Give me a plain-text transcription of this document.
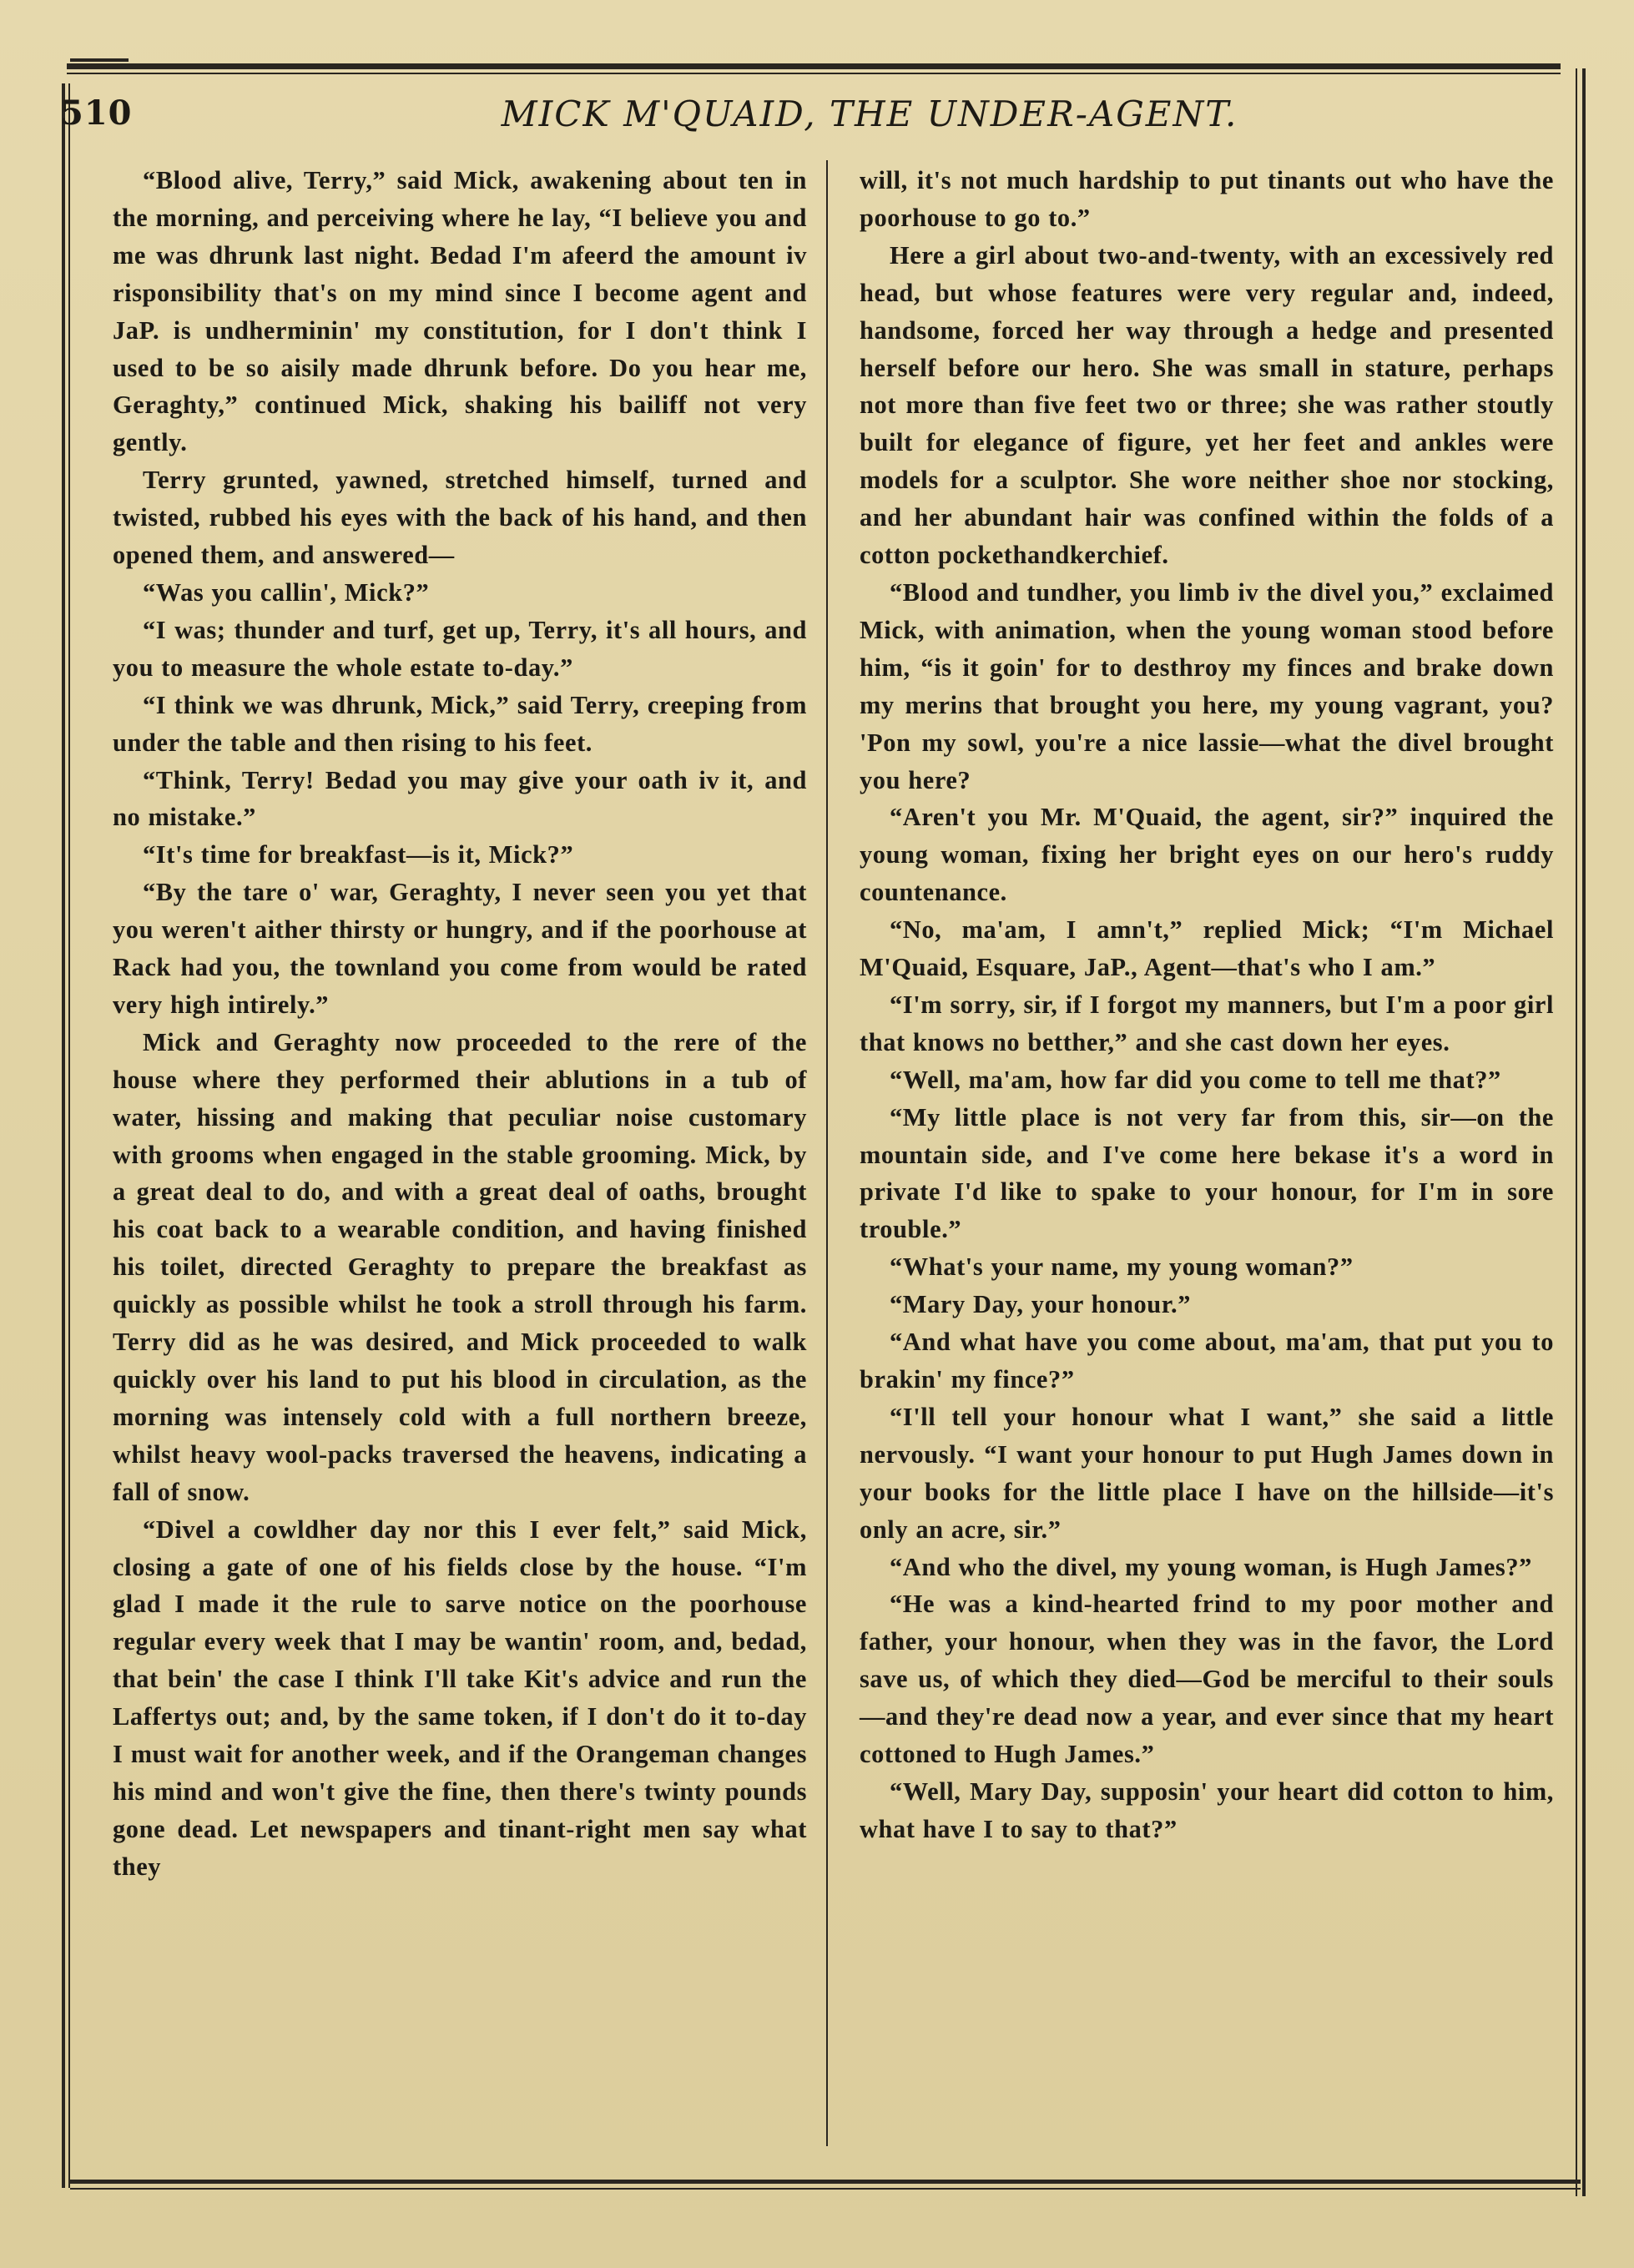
510	MICK M'QUAID, THE UNDER-AGENT.

“Blood alive, Terry,” said Mick, awakening about ten in the morning, and perceiving where he lay, “I believe you and me was dhrunk last night. Bedad I'm afeerd the amount iv risponsibility that's on my mind since I become agent and JaP. is undherminin' my constitution, for I don't think I used to be so aisily made dhrunk before. Do you hear me, Geraghty,” continued Mick, shaking his bailiff not very gently.

Terry grunted, yawned, stretched himself, turned and twisted, rubbed his eyes with the back of his hand, and then opened them, and answered—

“Was you callin', Mick?”

“I was; thunder and turf, get up, Terry, it's all hours, and you to measure the whole estate to-day.”

“I think we was dhrunk, Mick,” said Terry, creeping from under the table and then rising to his feet.

“Think, Terry! Bedad you may give your oath iv it, and no mistake.”

“It's time for breakfast—is it, Mick?”

“By the tare o' war, Geraghty, I never seen you yet that you weren't aither thirsty or hungry, and if the poorhouse at Rack had you, the townland you come from would be rated very high intirely.”

Mick and Geraghty now proceeded to the rere of the house where they performed their ablutions in a tub of water, hissing and making that peculiar noise customary with grooms when engaged in the stable grooming. Mick, by a great deal to do, and with a great deal of oaths, brought his coat back to a wearable condition, and having finished his toilet, directed Geraghty to prepare the breakfast as quickly as possible whilst he took a stroll through his farm. Terry did as he was desired, and Mick proceeded to walk quickly over his land to put his blood in circulation, as the morning was intensely cold with a full northern breeze, whilst heavy wool-packs traversed the heavens, indicating a fall of snow.

“Divel a cowldher day nor this I ever felt,” said Mick, closing a gate of one of his fields close by the house. “I'm glad I made it the rule to sarve notice on the poorhouse regular every week that I may be wantin' room, and, bedad, that bein' the case I think I'll take Kit's advice and run the Laffertys out; and, by the same token, if I don't do it to-day I must wait for another week, and if the Orangeman changes his mind and won't give the fine, then there's twinty pounds gone dead. Let newspapers and tinant-right men say what they

will, it's not much hardship to put tinants out who have the poorhouse to go to.”

Here a girl about two-and-twenty, with an excessively red head, but whose features were very regular and, indeed, handsome, forced her way through a hedge and presented herself before our hero. She was small in stature, perhaps not more than five feet two or three; she was rather stoutly built for elegance of figure, yet her feet and ankles were models for a sculptor. She wore neither shoe nor stocking, and her abundant hair was confined within the folds of a cotton pockethandkerchief.

“Blood and tundher, you limb iv the divel you,” exclaimed Mick, with animation, when the young woman stood before him, “is it goin' for to desthroy my finces and brake down my merins that brought you here, my young vagrant, you? 'Pon my sowl, you're a nice lassie—what the divel brought you here?

“Aren't you Mr. M'Quaid, the agent, sir?” inquired the young woman, fixing her bright eyes on our hero's ruddy countenance.

“No, ma'am, I amn't,” replied Mick; “I'm Michael M'Quaid, Esquare, JaP., Agent—that's who I am.”

“I'm sorry, sir, if I forgot my manners, but I'm a poor girl that knows no betther,” and she cast down her eyes.

“Well, ma'am, how far did you come to tell me that?”

“My little place is not very far from this, sir—on the mountain side, and I've come here bekase it's a word in private I'd like to spake to your honour, for I'm in sore trouble.”

“What's your name, my young woman?”

“Mary Day, your honour.”

“And what have you come about, ma'am, that put you to brakin' my fince?”

“I'll tell your honour what I want,” she said a little nervously. “I want your honour to put Hugh James down in your books for the little place I have on the hillside—it's only an acre, sir.”

“And who the divel, my young woman, is Hugh James?”

“He was a kind-hearted frind to my poor mother and father, your honour, when they was in the favor, the Lord save us, of which they died—God be merciful to their souls—and they're dead now a year, and ever since that my heart cottoned to Hugh James.”

“Well, Mary Day, supposin' your heart did cotton to him, what have I to say to that?”
